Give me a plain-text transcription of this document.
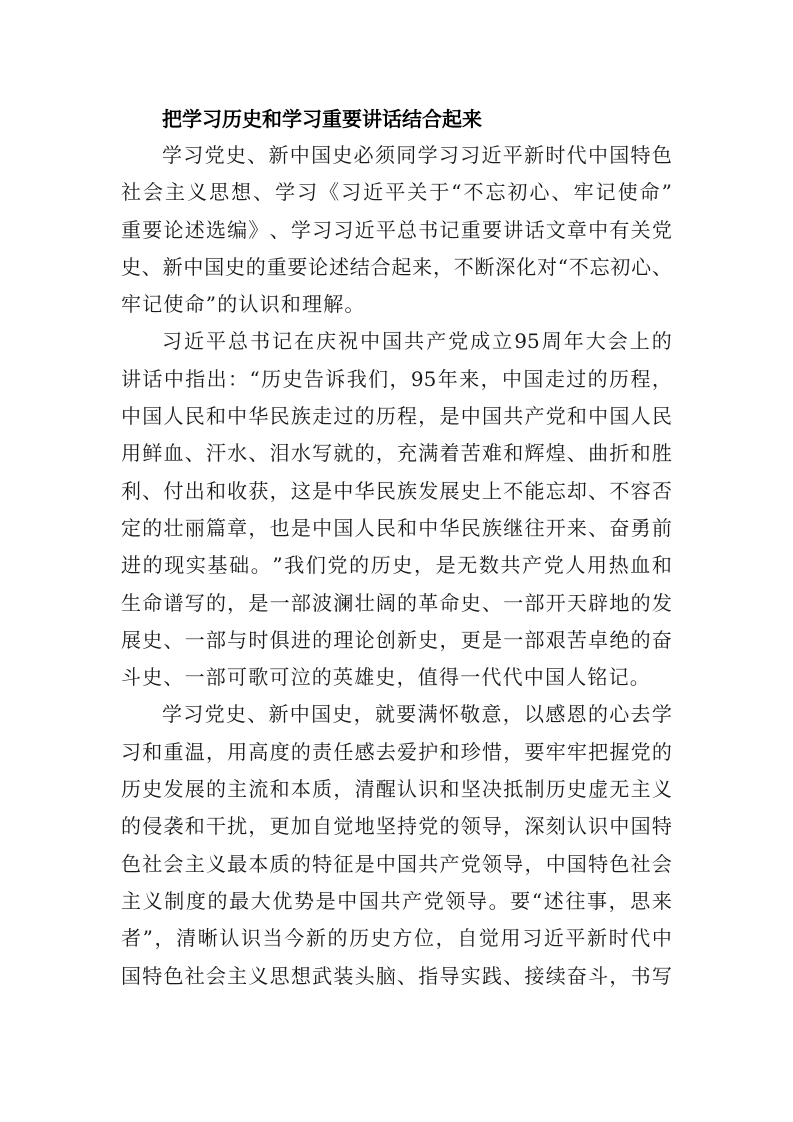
把学习历史和学习重要讲话结合起来
学 习 党 史 、 新 中 国 史 必 须 同 学 习 习 近 平 新 时 代 中 国 特 色
社 会 主 义 思 想 、 学 习 《 习 近 平 关 于 “ 不 忘 初 心 、 牢 记 使 命 ”
重 要 论 述 选 编 》 、 学 习 习 近 平 总 书 记 重 要 讲 话 文 章 中 有 关 党
史 、 新 中 国 史 的 重 要 论 述 结 合 起 来 ， 不 断 深 化 对 “ 不 忘 初 心 、
牢记使命”的认识和理解。
习 近 平 总 书 记 在 庆 祝 中 国 共 产 党 成 立 95 周 年 大 会 上 的
讲 话 中 指 出 ： “ 历 史 告 诉 我 们 ， 95 年 来 ， 中 国 走 过 的 历 程 ，
中 国 人 民 和 中 华 民 族 走 过 的 历 程 ， 是 中 国 共 产 党 和 中 国 人 民
用 鲜 血 、 汗 水 、 泪 水 写 就 的 ， 充 满 着 苦 难 和 辉 煌 、 曲 折 和 胜
利 、 付 出 和 收 获 ， 这 是 中 华 民 族 发 展 史 上 不 能 忘 却 、 不 容 否
定 的 壮 丽 篇 章 ， 也 是 中 国 人 民 和 中 华 民 族 继 往 开 来 、 奋 勇 前
进 的 现 实 基 础 。 ” 我 们 党 的 历 史 ， 是 无 数 共 产 党 人 用 热 血 和
生 命 谱 写 的 ， 是 一 部 波 澜 壮 阔 的 革 命 史 、 一 部 开 天 辟 地 的 发
展 史 、 一 部 与 时 俱 进 的 理 论 创 新 史 ， 更 是 一 部 艰 苦 卓 绝 的 奋
斗史、一部可歌可泣的英雄史，值得一代代中国人铭记。
学 习 党 史 、 新 中 国 史 ， 就 要 满 怀 敬 意 ， 以 感 恩 的 心 去 学
习 和 重 温 ， 用 高 度 的 责 任 感 去 爱 护 和 珍 惜 ， 要 牢 牢 把 握 党 的
历 史 发 展 的 主 流 和 本 质 ， 清 醒 认 识 和 坚 决 抵 制 历 史 虚 无 主 义
的 侵 袭 和 干 扰 ， 更 加 自 觉 地 坚 持 党 的 领 导 ， 深 刻 认 识 中 国 特
色 社 会 主 义 最 本 质 的 特 征 是 中 国 共 产 党 领 导 ， 中 国 特 色 社 会
主 义 制 度 的 最 大 优 势 是 中 国 共 产 党 领 导 。 要 “ 述 往 事 ， 思 来
者 ” ， 清 晰 认 识 当 今 新 的 历 史 方 位 ， 自 觉 用 习 近 平 新 时 代 中
国 特 色 社 会 主 义 思 想 武 装 头 脑 、 指 导 实 践 、 接 续 奋 斗 ， 书 写
